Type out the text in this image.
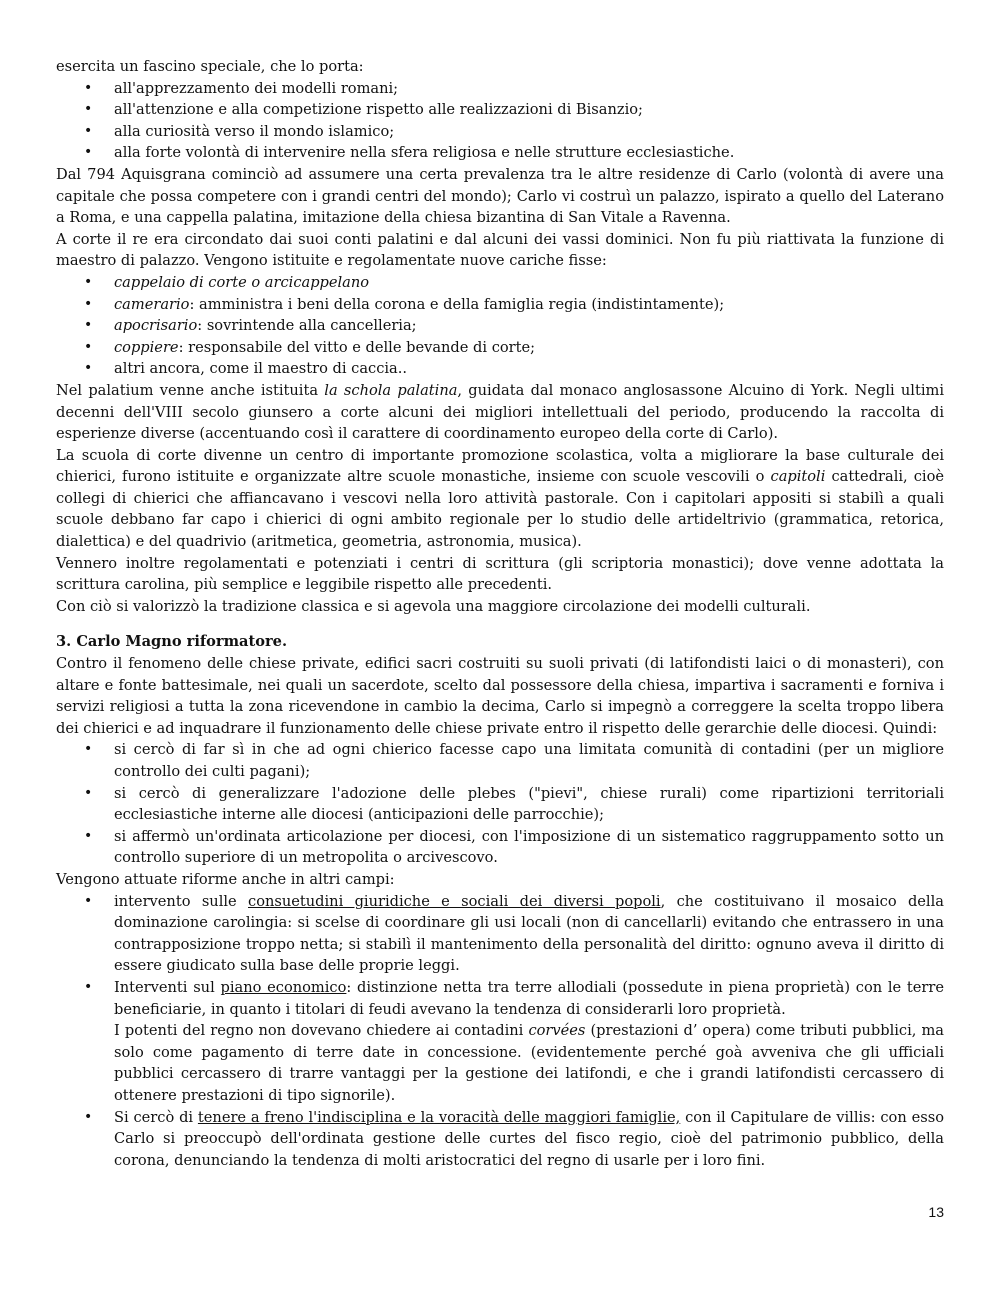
esercita un fascino speciale, che lo porta:

• all'apprezzamento dei modelli romani;
• all'attenzione e alla competizione rispetto alle realizzazioni di Bisanzio;
• alla curiosità verso il mondo islamico;
• alla forte volontà di intervenire nella sfera religiosa e nelle strutture ecclesiastiche.

Dal 794 Aquisgrana cominciò ad assumere una certa prevalenza tra le altre residenze di Carlo (volontà di avere una capitale che possa competere con i grandi centri del mondo); Carlo vi costruì un palazzo, ispirato a quello del Laterano a Roma, e una cappella palatina, imitazione della chiesa bizantina di San Vitale a Ravenna.

A corte il re era circondato dai suoi conti palatini e dal alcuni dei vassi dominici. Non fu più riattivata la funzione di maestro di palazzo. Vengono istituite e regolamentate nuove cariche fisse:

• cappelaio di corte o arcicappelano
• camerario: amministra i beni della corona e della famiglia regia (indistintamente);
• apocrisario: sovrintende alla cancelleria;
• coppiere: responsabile del vitto e delle bevande di corte;
• altri ancora, come il maestro di caccia..

Nel palatium venne anche istituita la schola palatina, guidata dal monaco anglosassone Alcuino di York. Negli ultimi decenni dell'VIII secolo giunsero a corte alcuni dei migliori intellettuali del periodo, producendo la raccolta di esperienze diverse (accentuando così il carattere di coordinamento europeo della corte di Carlo).

La scuola di corte divenne un centro di importante promozione scolastica, volta a migliorare la base culturale dei chierici, furono istituite e organizzate altre scuole monastiche, insieme con scuole vescovili o capitoli cattedrali, cioè collegi di chierici che affiancavano i vescovi nella loro attività pastorale. Con i capitolari appositi si stabilì a quali scuole debbano far capo i chierici di ogni ambito regionale per lo studio delle artideltrivio (grammatica, retorica, dialettica) e del quadrivio (aritmetica, geometria, astronomia, musica).

Vennero inoltre regolamentati e potenziati i centri di scrittura (gli scriptoria monastici); dove venne adottata la scrittura carolina, più semplice e leggibile rispetto alle precedenti.

Con ciò si valorizzò la tradizione classica e si agevola una maggiore circolazione dei modelli culturali.

3. Carlo Magno riformatore.

Contro il fenomeno delle chiese private, edifici sacri costruiti su suoli privati (di latifondisti laici o di monasteri), con altare e fonte battesimale, nei quali un sacerdote, scelto dal possessore della chiesa, impartiva i sacramenti e forniva i servizi religiosi a tutta la zona ricevendone in cambio la decima, Carlo si impegnò a correggere la scelta troppo libera dei chierici e ad inquadrare il funzionamento delle chiese private entro il rispetto delle gerarchie delle diocesi. Quindi:

• si cercò di far sì in che ad ogni chierico facesse capo una limitata comunità di contadini (per un migliore controllo dei culti pagani);
• si cercò di generalizzare l'adozione delle plebes ("pievi", chiese rurali) come ripartizioni territoriali ecclesiastiche interne alle diocesi (anticipazioni delle parrocchie);
• si affermò un'ordinata articolazione per diocesi, con l'imposizione di un sistematico raggruppamento sotto un controllo superiore di un metropolita o arcivescovo.

Vengono attuate riforme anche in altri campi:

• intervento sulle consuetudini giuridiche e sociali dei diversi popoli, che costituivano il mosaico della dominazione carolingia: si scelse di coordinare gli usi locali (non di cancellarli) evitando che entrassero in una contrapposizione troppo netta; si stabilì il mantenimento della personalità del diritto: ognuno aveva il diritto di essere giudicato sulla base delle proprie leggi.
• Interventi sul piano economico: distinzione netta tra terre allodiali (possedute in piena proprietà) con le terre beneficiarie, in quanto i titolari di feudi avevano la tendenza di considerarli loro proprietà.
I potenti del regno non dovevano chiedere ai contadini corvées (prestazioni d’ opera) come tributi pubblici, ma solo come pagamento di terre date in concessione. (evidentemente perché goà avveniva che gli ufficiali pubblici cercassero di trarre vantaggi per la gestione dei latifondi, e che i grandi latifondisti cercassero di ottenere prestazioni di tipo signorile).
• Si cercò di tenere a freno l'indisciplina e la voracità delle maggiori famiglie, con il Capitulare de villis: con esso Carlo si preoccupò dell'ordinata gestione delle curtes del fisco regio, cioè del patrimonio pubblico, della corona, denunciando la tendenza di molti aristocratici del regno di usarle per i loro fini.
13
